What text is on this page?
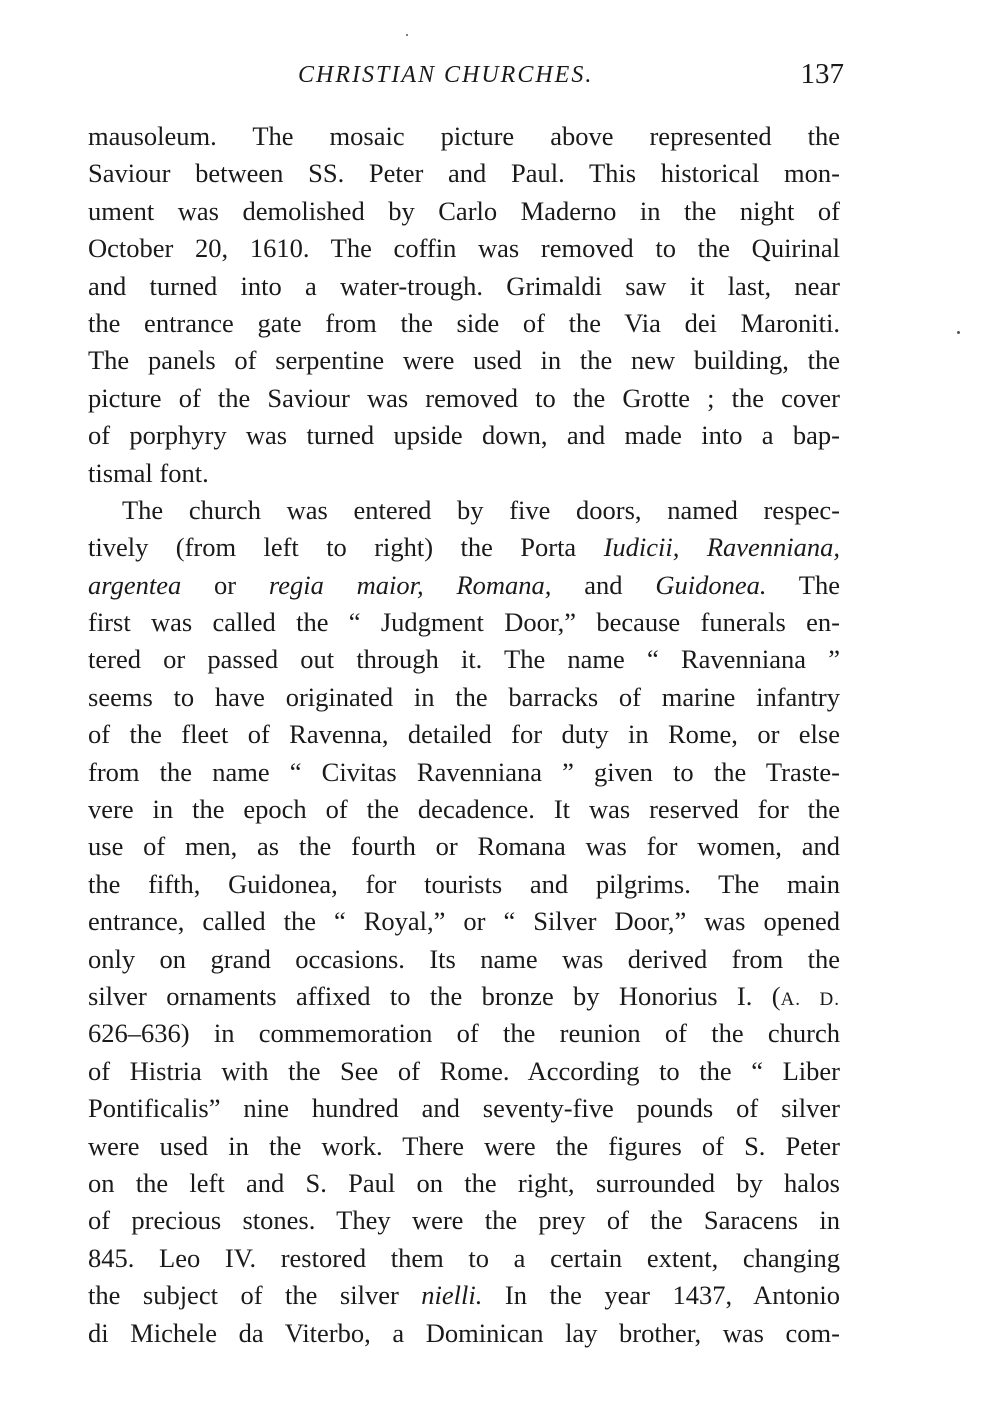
CHRISTIAN CHURCHES.	137
mausoleum. The mosaic picture above represented the
Saviour between SS. Peter and Paul. This historical mon-
ument was demolished by Carlo Maderno in the night of
October 20, 1610. The coffin was removed to the Quirinal
and turned into a water-trough. Grimaldi saw it last, near
the entrance gate from the side of the Via dei Maroniti.
The panels of serpentine were used in the new building, the
picture of the Saviour was removed to the Grotte ; the cover
of porphyry was turned upside down, and made into a bap-
tismal font.
The church was entered by five doors, named respec-
tively (from left to right) the Porta Iudicii, Ravenniana,
argentea or regia maior, Romana, and Guidonea. The
first was called the “ Judgment Door,” because funerals en-
tered or passed out through it. The name “ Ravenniana ”
seems to have originated in the barracks of marine infantry
of the fleet of Ravenna, detailed for duty in Rome, or else
from the name “ Civitas Ravenniana ” given to the Traste-
vere in the epoch of the decadence. It was reserved for the
use of men, as the fourth or Romana was for women, and
the fifth, Guidonea, for tourists and pilgrims. The main
entrance, called the “ Royal,” or “ Silver Door,” was opened
only on grand occasions. Its name was derived from the
silver ornaments affixed to the bronze by Honorius I. (A. D.
626–636) in commemoration of the reunion of the church
of Histria with the See of Rome. According to the “ Liber
Pontificalis” nine hundred and seventy-five pounds of silver
were used in the work. There were the figures of S. Peter
on the left and S. Paul on the right, surrounded by halos
of precious stones. They were the prey of the Saracens in
845. Leo IV. restored them to a certain extent, changing
the subject of the silver nielli. In the year 1437, Antonio
di Michele da Viterbo, a Dominican lay brother, was com-
